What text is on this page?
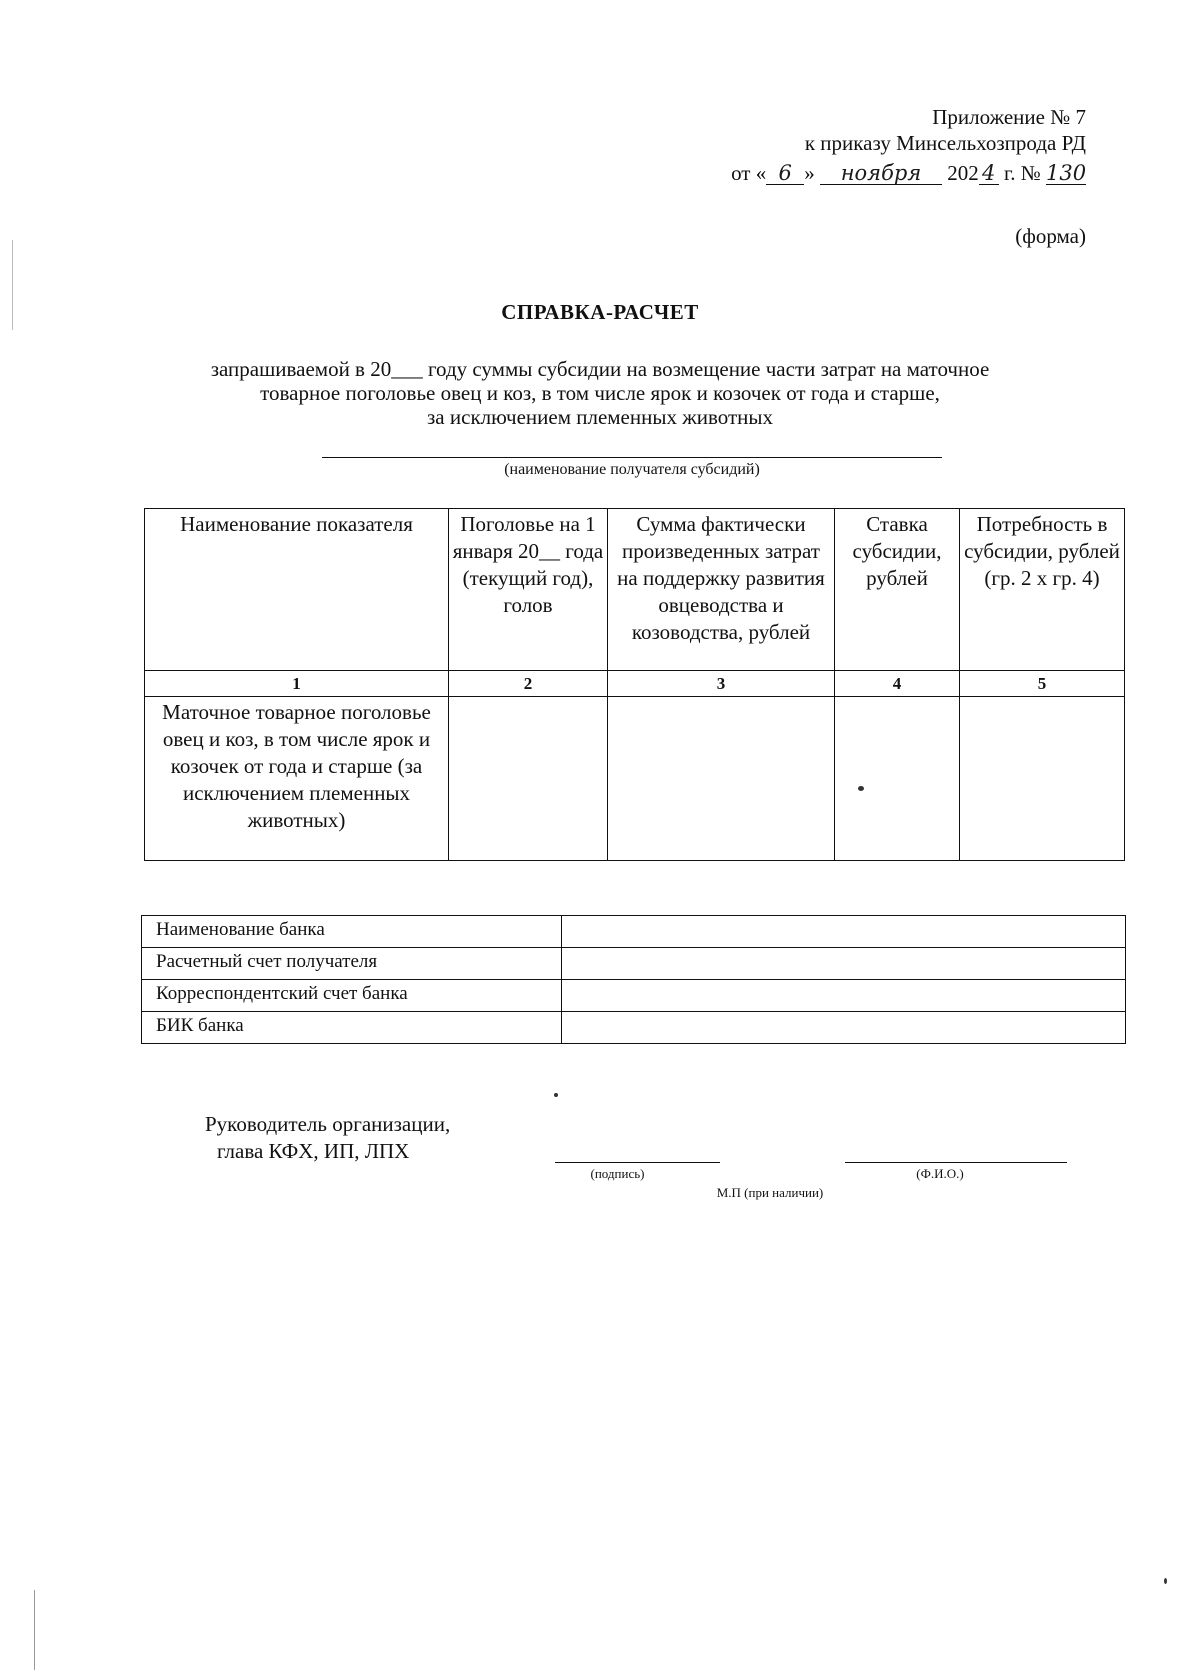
Приложение № 7
к приказу Минсельхозпрода РД
от « 6 » ноября 202 4 г. № 130
(форма)
СПРАВКА-РАСЧЕТ
запрашиваемой в 20___ году суммы субсидии на возмещение части затрат на маточное
товарное поголовье овец и коз, в том числе ярок и козочек от года и старше,
за исключением племенных животных
(наименование получателя субсидий)
Наименование показателя	Поголовье на 1 января 20__ года (текущий год), голов	Сумма фактически произведенных затрат на поддержку развития овцеводства и козоводства, рублей	Ставка субсидии, рублей	Потребность в субсидии, рублей (гр. 2 x гр. 4)
1	2	3	4	5
Маточное товарное поголовье овец и коз, в том числе ярок и козочек от года и старше (за исключением племенных животных)				
Наименование банка	
Расчетный счет получателя	
Корреспондентский счет банка	
БИК банка	
Руководитель организации,
глава КФХ, ИП, ЛПХ
(подпись)	(Ф.И.О.)
М.П (при наличии)
